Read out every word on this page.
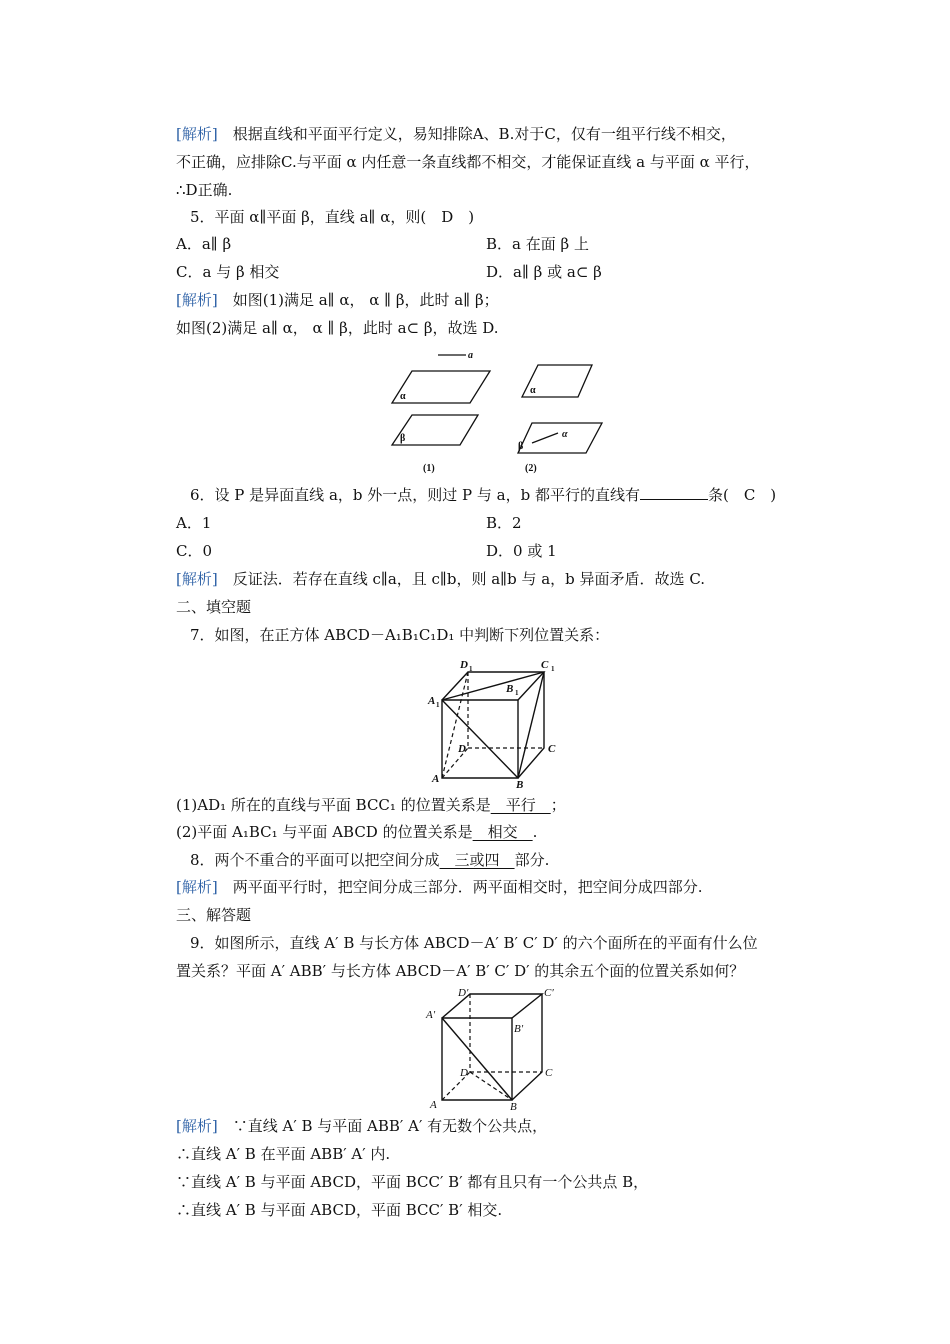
[解析]　根据直线和平面平行定义，易知排除A、B.对于C，仅有一组平行线不相交，
不正确，应排除C.与平面 α 内任意一条直线都不相交，才能保证直线 a 与平面 α 平行，
∴D正确.
5．平面 α∥平面 β，直线 a∥ α，则(　D　)
A．a∥ β	B．a 在面 β 上
C．a 与 β 相交	D．a∥ β 或 a⊂ β
[解析]　如图(1)满足 a∥ α， α ∥ β，此时 a∥ β；
如图(2)满足 a∥ α， α ∥ β，此时 a⊂ β，故选 D.
a
α
β
α
α
β
(1)	(2)
6．设 P 是异面直线 a，b 外一点，则过 P 与 a，b 都平行的直线有	条(　C　)
A．1	B．2
C．0	D．0 或 1
[解析]　反证法．若存在直线 c∥a，且 c∥b，则 a∥b 与 a，b 异面矛盾．故选 C.
二、填空题
7．如图，在正方体 ABCD－A₁B₁C₁D₁ 中判断下列位置关系：
D	C
B
A
D	C
A	B
1	1
1
1
(1)AD₁ 所在的直线与平面 BCC₁ 的位置关系是　平行　；
(2)平面 A₁BC₁ 与平面 ABCD 的位置关系是　相交　.
8．两个不重合的平面可以把空间分成　三或四　部分.
[解析]　两平面平行时，把空间分成三部分．两平面相交时，把空间分成四部分.
三、解答题
9．如图所示，直线 A′ B 与长方体 ABCD－A′ B′ C′ D′ 的六个面所在的平面有什么位
置关系？平面 A′ ABB′ 与长方体 ABCD－A′ B′ C′ D′ 的其余五个面的位置关系如何？
D′	C′
A′
B′
D	C
A	B
[解析]　∵直线 A′ B 与平面 ABB′ A′ 有无数个公共点，
∴直线 A′ B 在平面 ABB′ A′ 内.
∵直线 A′ B 与平面 ABCD，平面 BCC′ B′ 都有且只有一个公共点 B，
∴直线 A′ B 与平面 ABCD，平面 BCC′ B′ 相交.
